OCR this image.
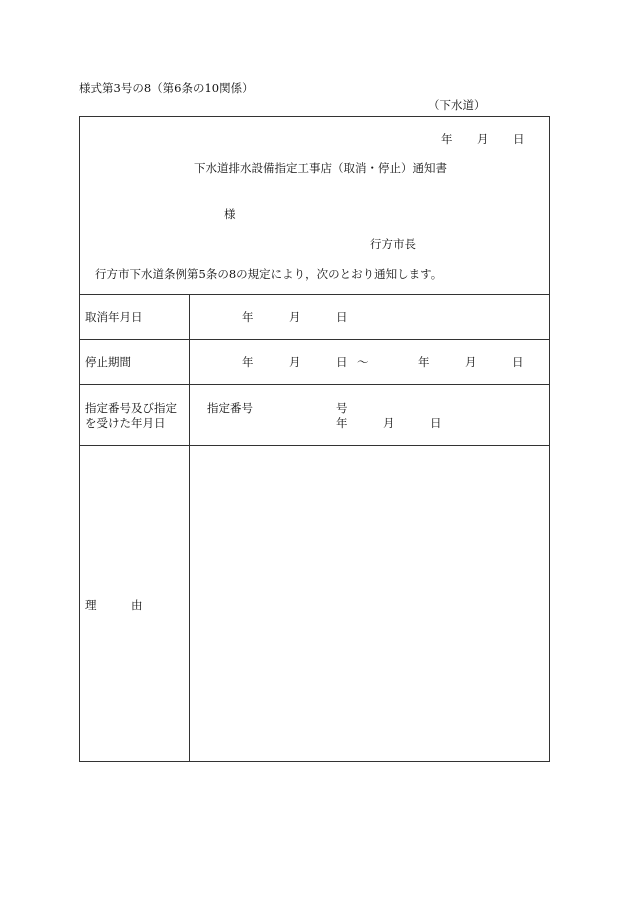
様式第3号の8（第6条の10関係）
（下水道）
年 月 日
下水道排水設備指定工事店（取消・停止）通知書
様
行方市長
行方市下水道条例第5条の8の規定により，次のとおり通知します。
取消年月日	年	月	日
停止期間	年	月	日 ～	年	月	日
指定番号及び指定
を受けた年月日
指定番号	号
年	月	日
理	由
